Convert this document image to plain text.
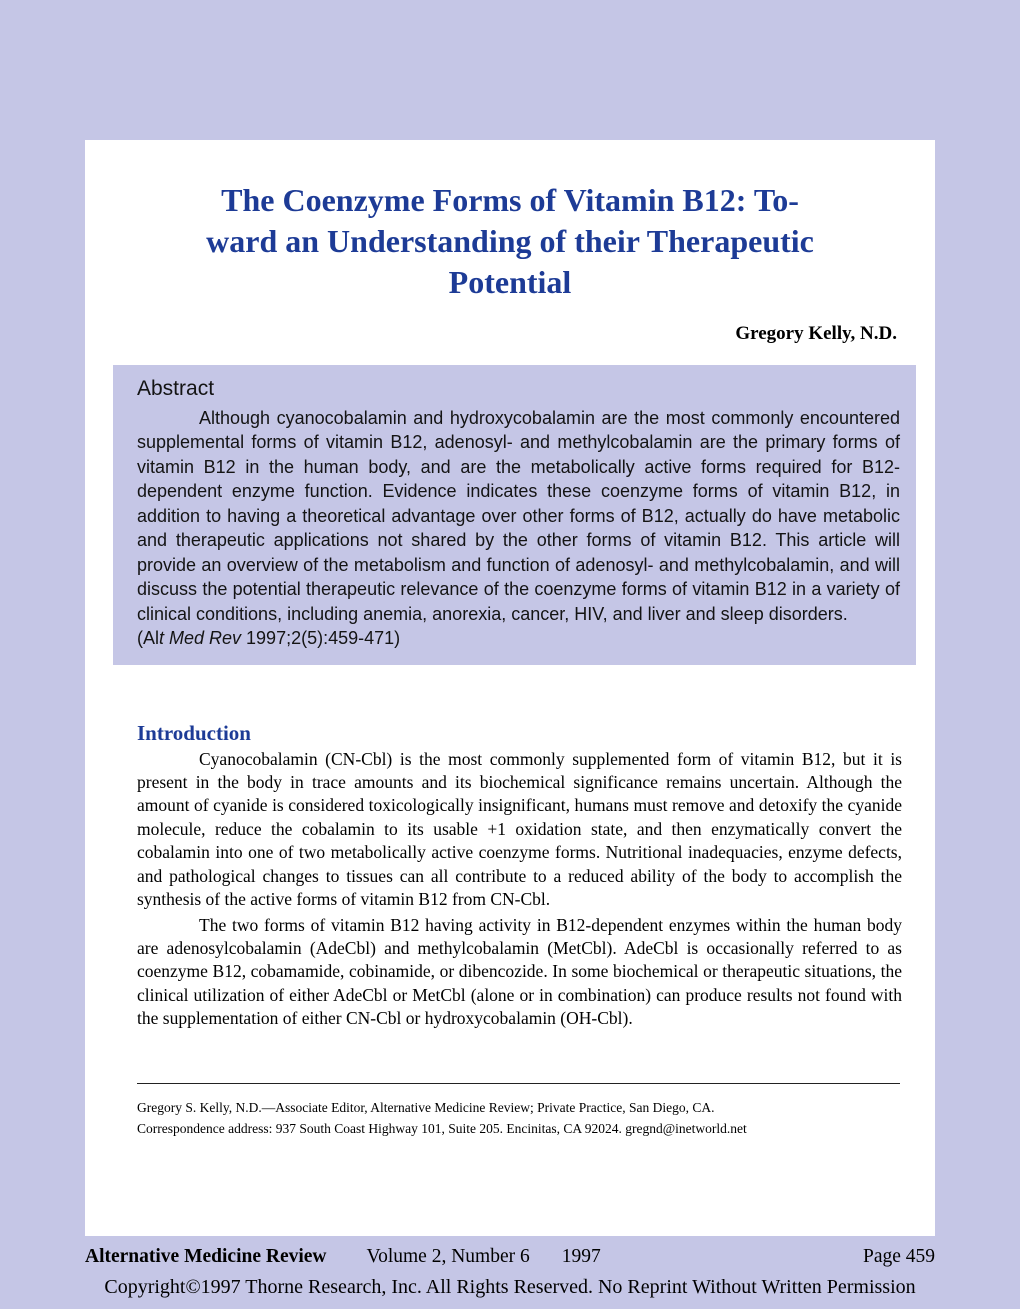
The Coenzyme Forms of Vitamin B12: To-
ward an Understanding of their Therapeutic
Potential
Gregory Kelly, N.D.
Abstract
Although cyanocobalamin and hydroxycobalamin are the most commonly encountered supplemental forms of vitamin B12, adenosyl- and methylcobalamin are the primary forms of vitamin B12 in the human body, and are the metabolically active forms required for B12-dependent enzyme function. Evidence indicates these coenzyme forms of vitamin B12, in addition to having a theoretical advantage over other forms of B12, actually do have metabolic and therapeutic applications not shared by the other forms of vitamin B12. This article will provide an overview of the metabolism and function of adenosyl- and methylcobalamin, and will discuss the potential therapeutic relevance of the coenzyme forms of vitamin B12 in a variety of clinical conditions, including anemia, anorexia, cancer, HIV, and liver and sleep disorders.
(Alt Med Rev 1997;2(5):459-471)
Introduction

Cyanocobalamin (CN-Cbl) is the most commonly supplemented form of vitamin B12, but it is present in the body in trace amounts and its biochemical significance remains uncertain. Although the amount of cyanide is considered toxicologically insignificant, humans must remove and detoxify the cyanide molecule, reduce the cobalamin to its usable +1 oxidation state, and then enzymatically convert the cobalamin into one of two metabolically active coenzyme forms. Nutritional inadequacies, enzyme defects, and pathological changes to tissues can all contribute to a reduced ability of the body to accomplish the synthesis of the active forms of vitamin B12 from CN-Cbl.

The two forms of vitamin B12 having activity in B12-dependent enzymes within the human body are adenosylcobalamin (AdeCbl) and methylcobalamin (MetCbl). AdeCbl is occasionally referred to as coenzyme B12, cobamamide, cobinamide, or dibencozide. In some biochemical or therapeutic situations, the clinical utilization of either AdeCbl or MetCbl (alone or in combination) can produce results not found with the supplementation of either CN-Cbl or hydroxycobalamin (OH-Cbl).

Gregory S. Kelly, N.D.—Associate Editor, Alternative Medicine Review; Private Practice, San Diego, CA.
Correspondence address: 937 South Coast Highway 101, Suite 205. Encinitas, CA 92024. gregnd@inetworld.net
Alternative Medicine Review Volume 2, Number 6 1997	Page 459
Copyright©1997 Thorne Research, Inc. All Rights Reserved. No Reprint Without Written Permission
